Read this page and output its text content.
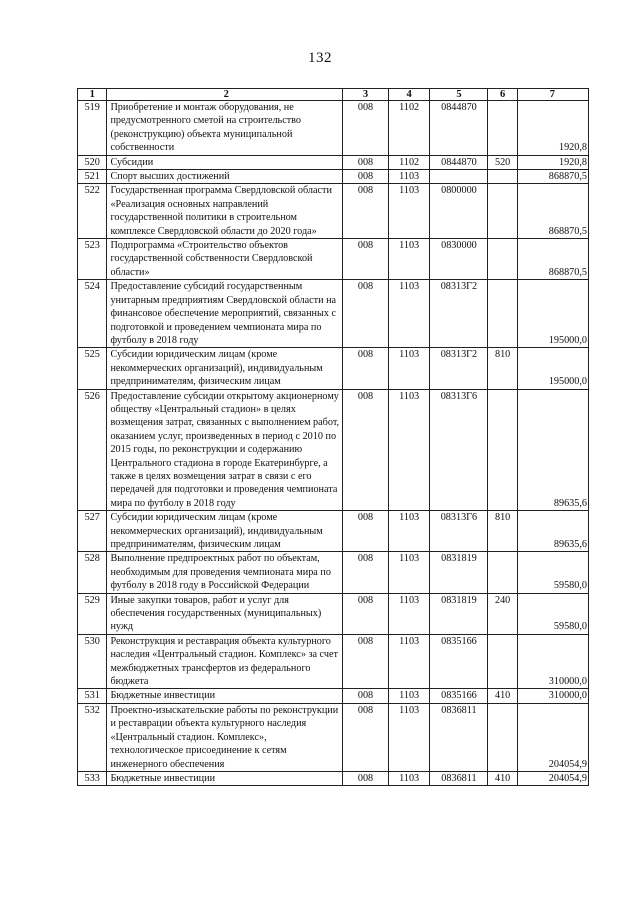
132
1	2	3	4	5	6	7
519	Приобретение и монтаж оборудования, не предусмотренного сметой на строительство (реконструкцию) объекта муниципальной собственности	008	1102	0844870		1920,8
520	Субсидии	008	1102	0844870	520	1920,8
521	Спорт высших достижений	008	1103			868870,5
522	Государственная программа Свердловской области «Реализация основных направлений государственной политики в строительном комплексе Свердловской области до 2020 года»	008	1103	0800000		868870,5
523	Подпрограмма «Строительство объектов государственной собственности Свердловской области»	008	1103	0830000		868870,5
524	Предоставление субсидий государственным унитарным предприятиям Свердловской области на финансовое обеспечение мероприятий, связанных с подготовкой и проведением чемпионата мира по футболу в 2018 году	008	1103	08313Г2		195000,0
525	Субсидии юридическим лицам (кроме некоммерческих организаций), индивидуальным предпринимателям, физическим лицам	008	1103	08313Г2	810	195000,0
526	Предоставление субсидии открытому акционерному обществу «Центральный стадион» в целях возмещения затрат, связанных с выполнением работ, оказанием услуг, произведенных в период с 2010 по 2015 годы, по реконструкции и содержанию Центрального стадиона в городе Екатеринбурге, а также в целях возмещения затрат в связи с его передачей для подготовки и проведения чемпионата мира по футболу в 2018 году	008	1103	08313Г6		89635,6
527	Субсидии юридическим лицам (кроме некоммерческих организаций), индивидуальным предпринимателям, физическим лицам	008	1103	08313Г6	810	89635,6
528	Выполнение предпроектных работ по объектам, необходимым для проведения чемпионата мира по футболу в 2018 году в Российской Федерации	008	1103	0831819		59580,0
529	Иные закупки товаров, работ и услуг для обеспечения государственных (муниципальных) нужд	008	1103	0831819	240	59580,0
530	Реконструкция и реставрация объекта культурного наследия «Центральный стадион. Комплекс» за счет межбюджетных трансфертов из федерального бюджета	008	1103	0835166		310000,0
531	Бюджетные инвестиции	008	1103	0835166	410	310000,0
532	Проектно-изыскательские работы по реконструкции и реставрации объекта культурного наследия «Центральный стадион. Комплекс», технологическое присоединение к сетям инженерного обеспечения	008	1103	0836811		204054,9
533	Бюджетные инвестиции	008	1103	0836811	410	204054,9
